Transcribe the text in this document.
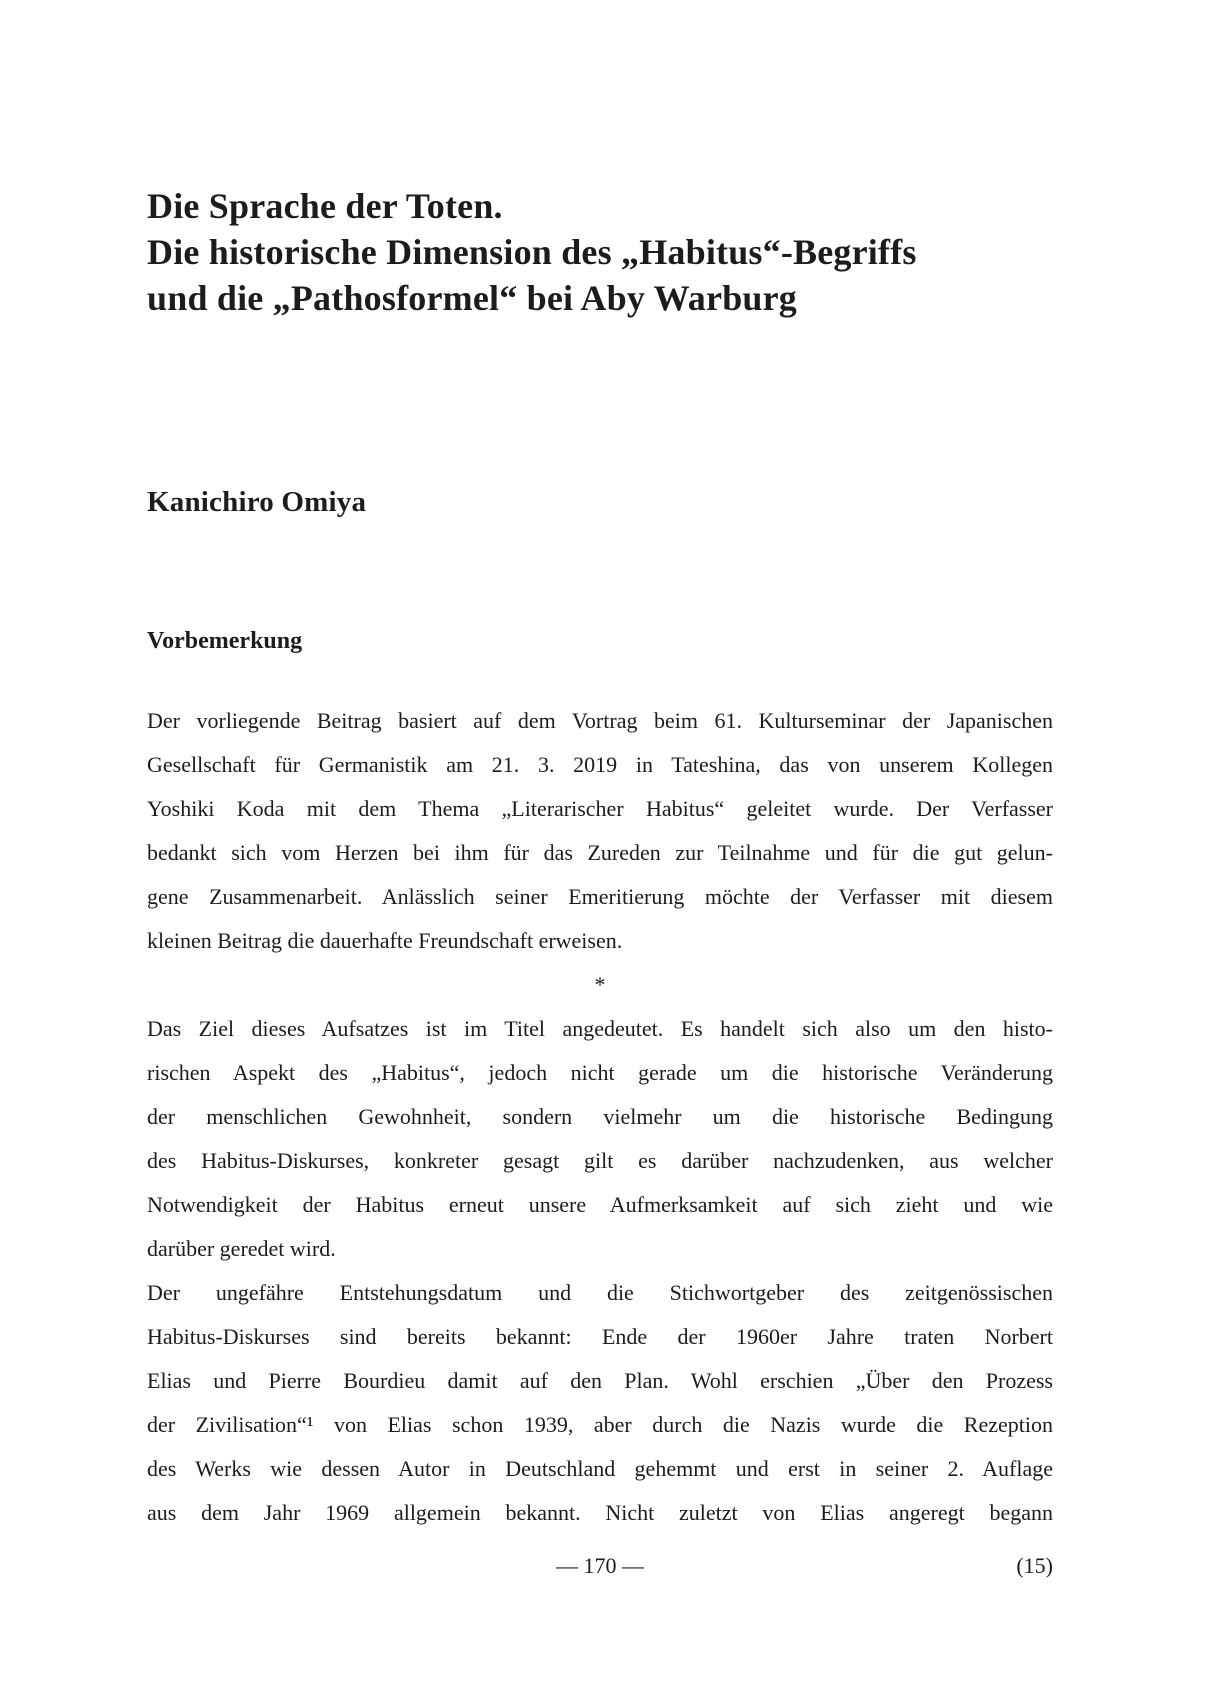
Die Sprache der Toten.
Die historische Dimension des „Habitus“-Begriffs
und die „Pathosformel“ bei Aby Warburg
Kanichiro Omiya
Vorbemerkung
Der vorliegende Beitrag basiert auf dem Vortrag beim 61. Kulturseminar der Japanischen
Gesellschaft für Germanistik am 21. 3. 2019 in Tateshina, das von unserem Kollegen
Yoshiki Koda mit dem Thema „Literarischer Habitus“ geleitet wurde. Der Verfasser
bedankt sich vom Herzen bei ihm für das Zureden zur Teilnahme und für die gut gelun-
gene Zusammenarbeit. Anlässlich seiner Emeritierung möchte der Verfasser mit diesem
kleinen Beitrag die dauerhafte Freundschaft erweisen.
*
Das Ziel dieses Aufsatzes ist im Titel angedeutet. Es handelt sich also um den histo-
rischen Aspekt des „Habitus“, jedoch nicht gerade um die historische Veränderung
der menschlichen Gewohnheit, sondern vielmehr um die historische Bedingung
des Habitus-Diskurses, konkreter gesagt gilt es darüber nachzudenken, aus welcher
Notwendigkeit der Habitus erneut unsere Aufmerksamkeit auf sich zieht und wie
darüber geredet wird.
Der ungefähre Entstehungsdatum und die Stichwortgeber des zeitgenössischen
Habitus-Diskurses sind bereits bekannt: Ende der 1960er Jahre traten Norbert
Elias und Pierre Bourdieu damit auf den Plan. Wohl erschien „Über den Prozess
der Zivilisation“¹ von Elias schon 1939, aber durch die Nazis wurde die Rezeption
des Werks wie dessen Autor in Deutschland gehemmt und erst in seiner 2. Auflage
aus dem Jahr 1969 allgemein bekannt. Nicht zuletzt von Elias angeregt begann
— 170 —	(15)
